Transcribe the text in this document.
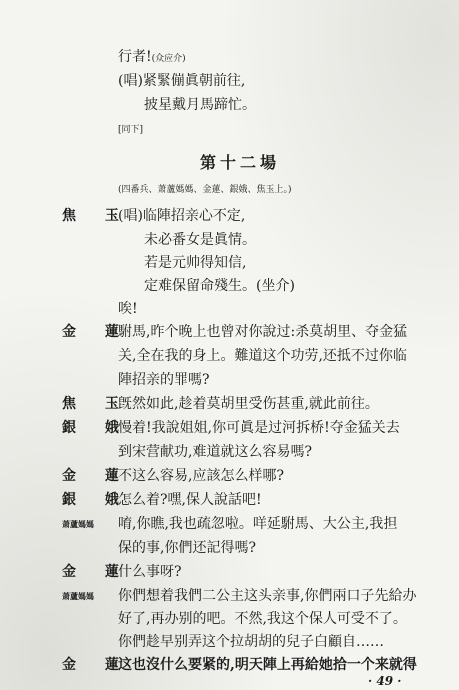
行者!(众应介)
(唱)紧緊傰眞朝前往,
披星戴月馬蹄忙。
[同下]
第十二場
(四番兵、萧蘆媽媽、金蓮、銀娥、焦玉上。)
焦 玉
(唱)临陣招亲心不定,
未必番女是眞情。
若是元帅得知信,
定难保留命殘生。(坐介)
唉!
金 蓮
駙馬,昨个晚上也曾对你說过:杀莫胡里、夺金猛
关,全在我的身上。難道这个功劳,还抵不过你临
陣招亲的罪嗎?
焦 玉
旣然如此,趁着莫胡里受伤甚重,就此前往。
銀 娥
慢着!我說姐姐,你可眞是过河拆桥!夺金猛关去
到宋营献功,难道就这么容易嗎?
金 蓮
不这么容易,应該怎么样哪?
銀 娥
怎么着?嘿,保人說話吧!
萧蘆媽媽 唷,你瞧,我也疏忽啦。咩延駙馬、大公主,我担
保的事,你們还記得嗎?
金 蓮
什么事呀?
萧蘆媽媽 你們想着我們二公主这头亲事,你們兩口子先給办
好了,再办别的吧。不然,我这个保人可受不了。
你們趁早别弄这个拉胡胡的兒子白顧自……
金 蓮
这也沒什么要紧的,明天陣上再給她拾一个来就得
· 49 ·
